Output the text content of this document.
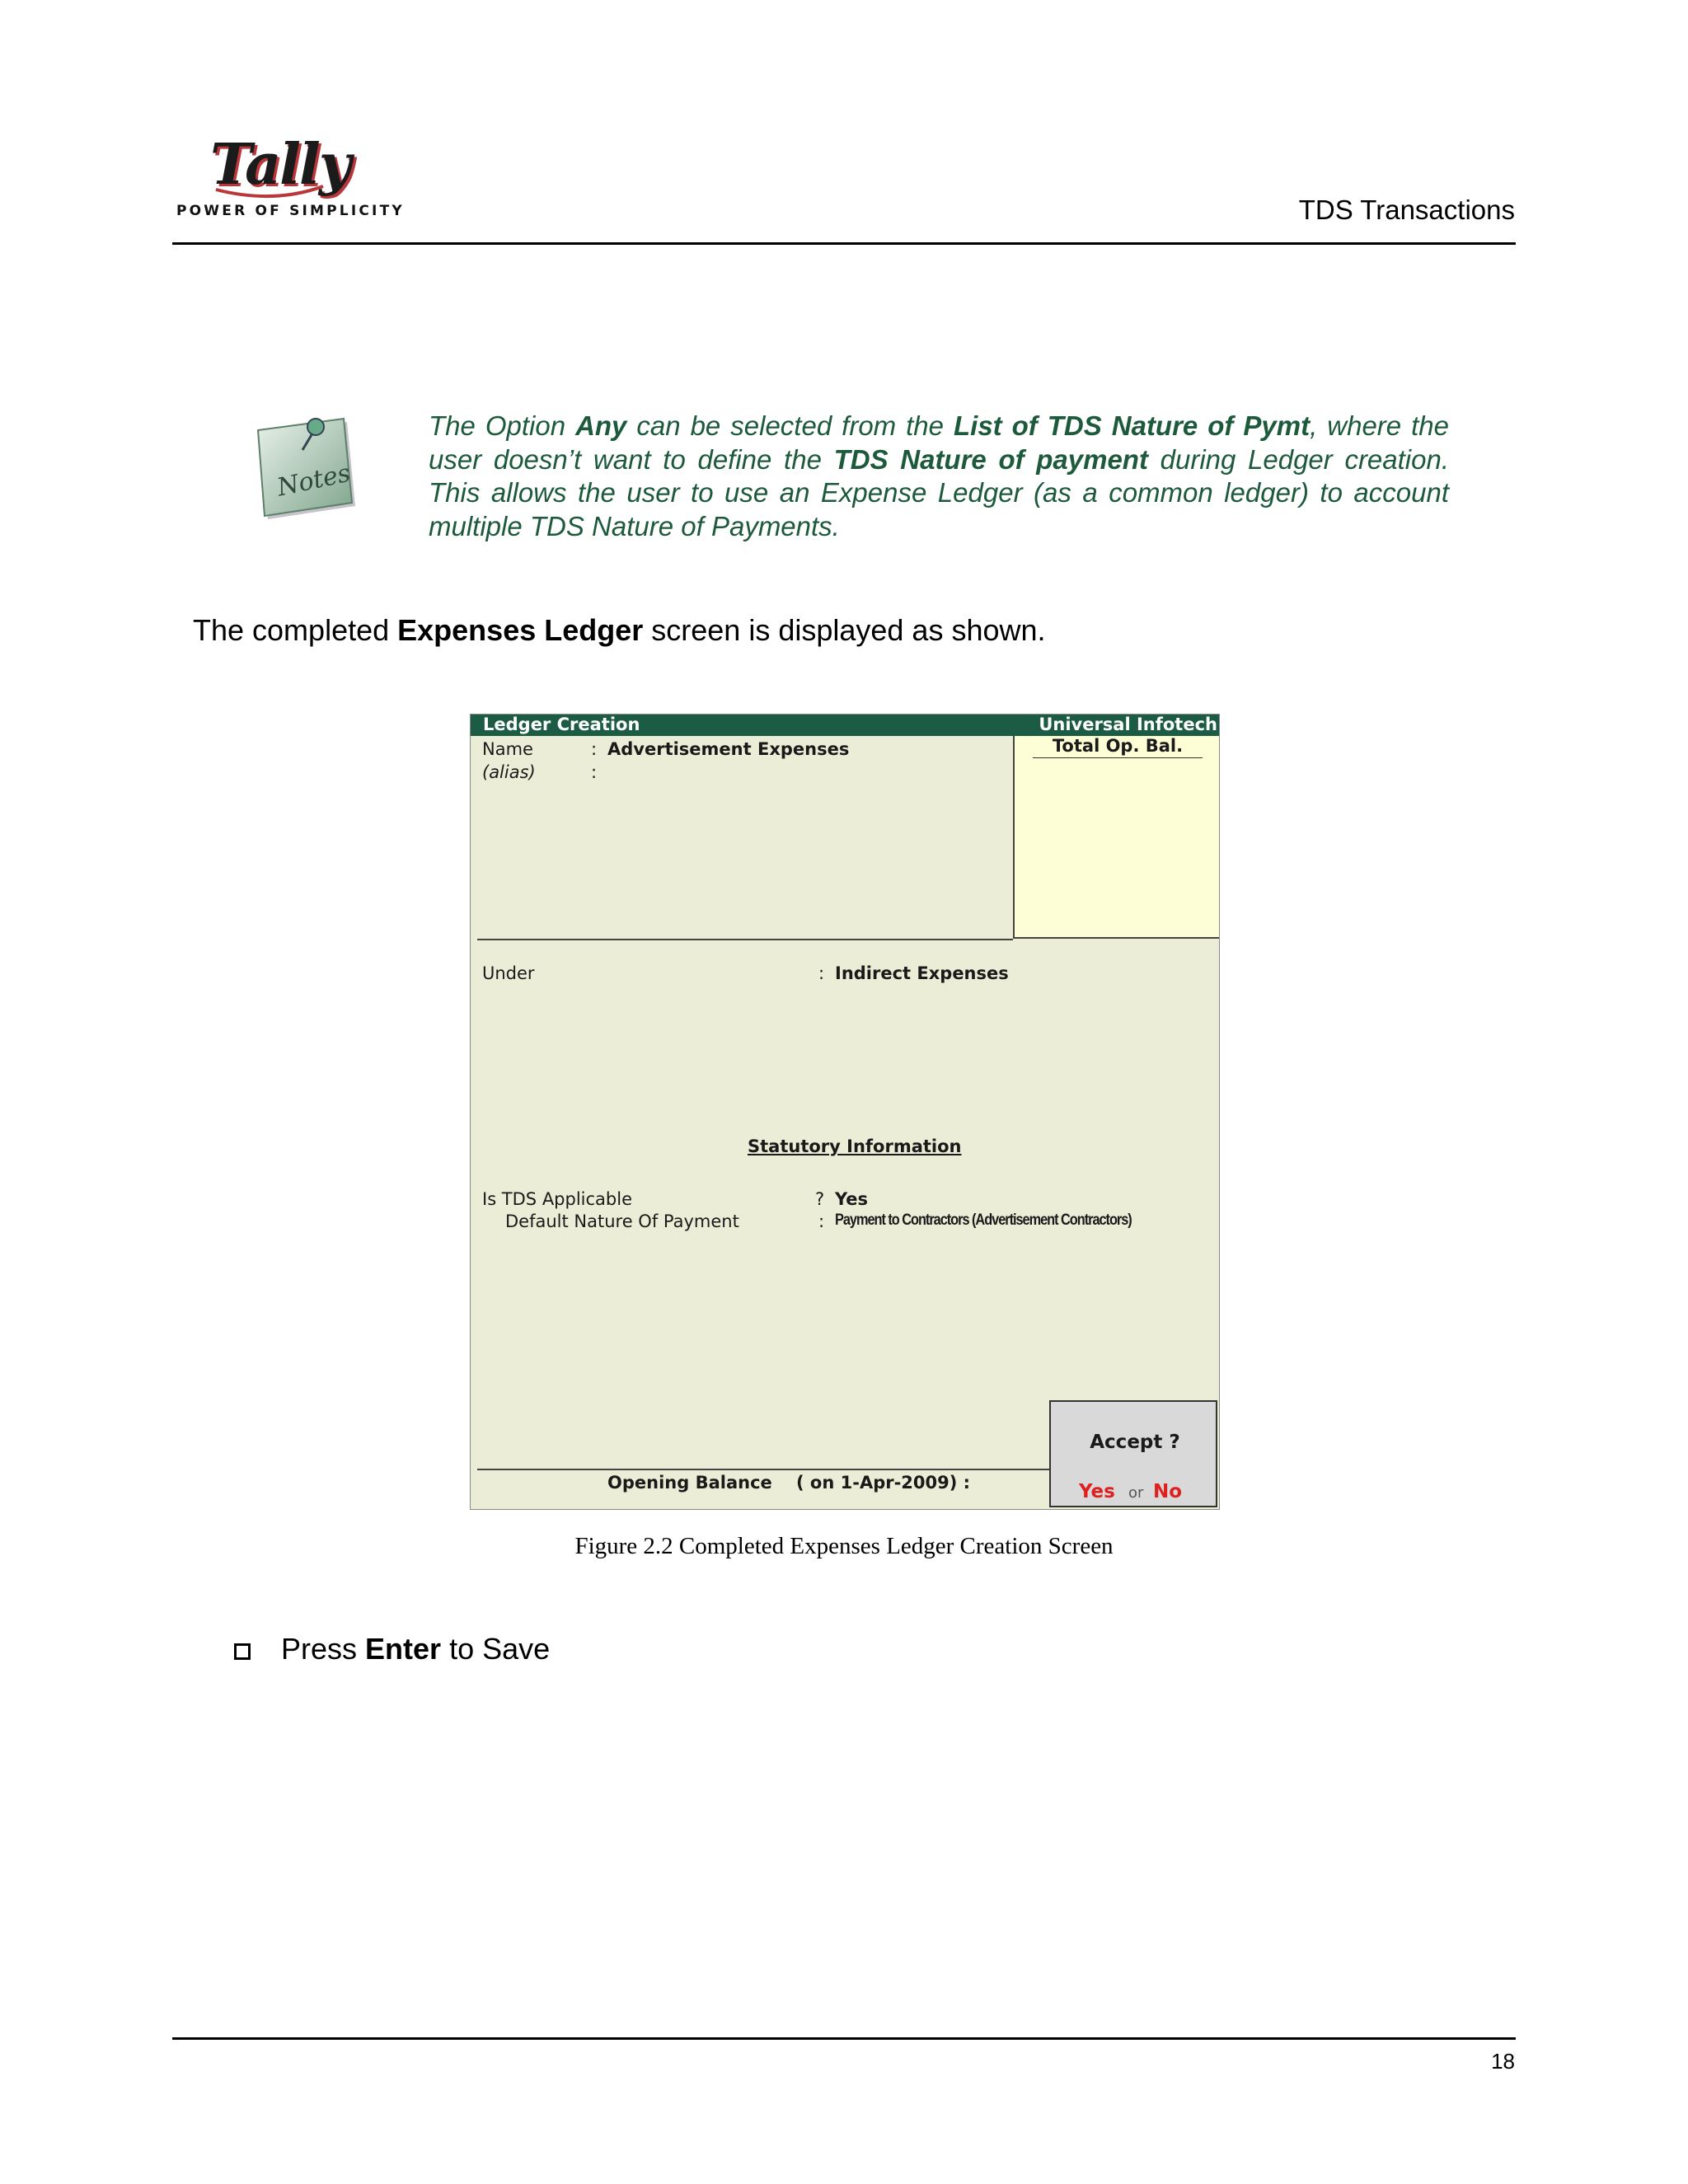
Tally
POWER OF SIMPLICITY	TDS Transactions
Notes
The Option Any can be selected from the List of TDS Nature of Pymt, where the user doesn’t want to define the TDS Nature of payment during Ledger creation. This allows the user to use an Expense Ledger (as a common ledger) to account multiple TDS Nature of Payments.
The completed Expenses Ledger screen is displayed as shown.
Ledger Creation	Universal Infotech
Total Op. Bal.
Name	: Advertisement Expenses
(alias)	:
Under	: Indirect Expenses
Statutory Information
Is TDS Applicable	? Yes
Default Nature Of Payment	: Payment to Contractors (Advertisement Contractors)
Opening Balance ( on 1-Apr-2009) :
Accept ?
Yes or No
Figure 2.2 Completed Expenses Ledger Creation Screen
Press Enter to Save
18
